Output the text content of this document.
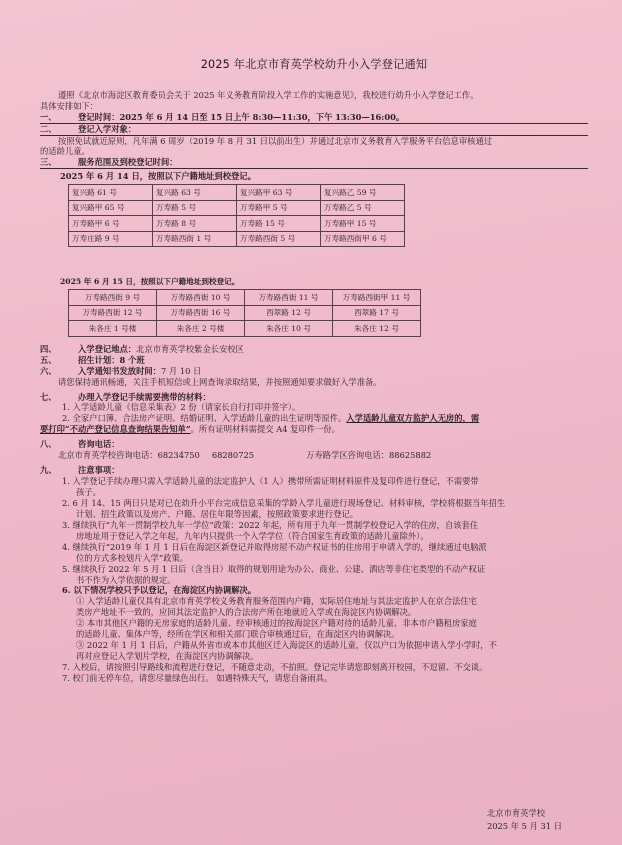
2025 年北京市育英学校幼升小入学登记通知
遵照《北京市海淀区教育委员会关于 2025 年义务教育阶段入学工作的实施意见》，我校进行幼升小入学登记工作。
具体安排如下：
一、	登记时间： 2025 年 6 月 14 日至 15 日上午 8:30—11:30，下午 13:30—16:00。
二、	登记入学对象：
按照免试就近原则，凡年满 6 周岁（2019 年 8 月 31 日以前出生）并通过北京市义务教育入学服务平台信息审核通过
的适龄儿童。
三、	服务范围及到校登记时间：
2025 年 6 月 14 日，按照以下户籍地址到校登记。
复兴路 61 号	复兴路 63 号	复兴路甲 63 号	复兴路乙 59 号
复兴路甲 65 号	万寿路 5 号	万寿路甲 5 号	万寿路乙 5 号
万寿路甲 6 号	万寿路 8 号	万寿路 15 号	万寿路甲 15 号
万寿庄路 9 号	万寿路西街 1 号	万寿路西街 5 号	万寿路西街甲 6 号
2025 年 6 月 15 日，按照以下户籍地址到校登记。
万寿路西街 9 号	万寿路西街 10 号	万寿路西街 11 号	万寿路西街甲 11 号
万寿路西街 12 号	万寿路西街 16 号	西翠路 12 号	西翠路 17 号
朱各庄 1 号楼	朱各庄 2 号楼	朱各庄 10 号	朱各庄 12 号
四、	入学登记地点： 北京市育英学校紫金长安校区
五、	招生计划： 8 个班
六、	入学通知书发放时间： 7 月 10 日
请您保持通讯畅通，关注手机短信或上网查询录取结果，并按照通知要求做好入学准备。
七、	办理入学登记手续需要携带的材料：
1. 入学适龄儿童《信息采集表》2 份（请家长自行打印并签字）。
2. 全家户口簿、合法房产证明、结婚证明、入学适龄儿童的出生证明等原件。入学适龄儿童双方监护人无房的，需
要打印“不动产登记信息查询结果告知单”。所有证明材料需提交 A4 复印件一份。
八、	咨询电话：
北京市育英学校咨询电话： 68234750 68280725	万寿路学区咨询电话： 88625882
九、	注意事项：
1. 入学登记手续办理只需入学适龄儿童的法定监护人（1 人）携带所需证明材料原件及复印件进行登记，不需要带
孩子。
2. 6 月 14、15 两日只是对已在幼升小平台完成信息采集的学龄入学儿童进行现场登记、材料审核，学校将根据当年招生
计划、招生政策以及房产、户籍、居住年限等因素，按照政策要求进行登记。
3. 继续执行“九年一贯制学校九年一学位”政策：2022 年起，所有用于九年一贯制学校登记入学的住房，自该套住
房地址用于登记入学之年起，九年内只提供一个入学学位（符合国家生育政策的适龄儿童除外）。
4. 继续执行“2019 年 1 月 1 日后在海淀区新登记并取得房屋不动产权证书的住房用于申请入学的，继续通过电脑派
位的方式多校划片入学”政策。
5. 继续执行 2022 年 5 月 1 日后（含当日）取得的规划用途为办公、商业、公建、酒店等非住宅类型的不动产权证
书不作为入学依据的规定。
6. 以下情况学校只予以登记，在海淀区内协调解决。
① 入学适龄儿童仅具有北京市育英学校义务教育服务范围内户籍，实际居住地址与其法定监护人在京合法住宅
类房产地址不一致的，应回其法定监护人的合法房产所在地就近入学或在海淀区内协调解决。
② 本市其他区户籍的无房家庭的适龄儿童、经审核通过的按海淀区户籍对待的适龄儿童、非本市户籍租房家庭
的适龄儿童、集体户等，经所在学区和相关部门联合审核通过后，在海淀区内协调解决。
③ 2022 年 1 月 1 日后，户籍从外省市或本市其他区迁入海淀区的适龄儿童，仅以户口为依据申请入学小学时，不
再对应登记入学划片学校，在海淀区内协调解决。
7. 入校后，请按照引导路线和流程进行登记，不随意走动，不拍照。登记完毕请您即刻离开校园，不逗留、不交谈。
7. 校门前无停车位，请您尽量绿色出行。 如遇特殊天气，请您自备雨具。
北京市育英学校
2025 年 5 月 31 日
